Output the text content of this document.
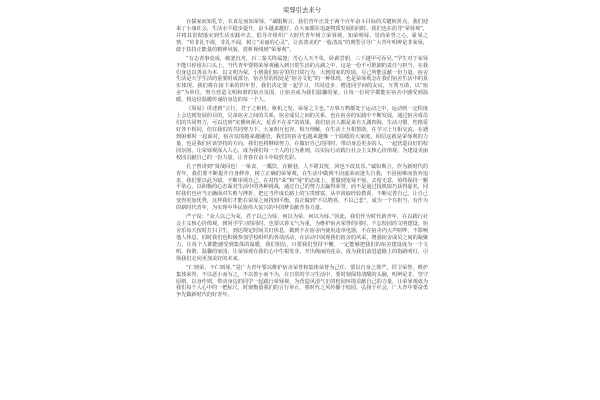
荣辱引去来兮

在儒家而知礼节，衣食足而知荣辱。“诚服斯言，我们青年正处于两个百年奋斗目标的关键转折点，我们迎来了小康社会，生活水平稳步提升，奋斗越来越好。在大家都在追逐物质发展的同时，我们也在倡导“荣辱观”，并将其贯彻落实到生活实践中去，倡导并组织广大时代青年树立荣辱观，知荣明辱，崇尚荣誉之心，耻辱之情，“苟非礼不视，非礼不闻，树立“美丽的心灵”，让真善美的“一股清流”的典型引导广大青年明辨是非荣辱，敢于扶持正能量的精神风貌，震析视线到“荣辱观”。

“有志者事竟成，破釜沉舟，百二秦关终属楚；苦心人天不负，卧薪尝胆，三千越甲可吞吴。”学生对于荣辱不能只停留在口头上，当代青年要将荣辱观融入到日常生活的点滴之中，这是一份不可推卸的责任与担当，在我们身边以善良为本，以文明为荣，小到我们宿舍里的日常行为，大到国家的发展，尽己所能贡献一份力量。宿舍生活是大学生活的重要组成部分，宿舍里的相处是“宿舍文化”的一种体现，也是荣辱观念在我们宿舍生活中的真实体现。我们将在接下来的四年里，我们决定要一起学习，共同进步，增进同学间的友谊，互帮互助，以“宿舍”为单位，努力营造文明和谐的宿舍氛围，让宿舍成为我们温馨的家，让每一位同学都能在宿舍中感受到温暖，将这份温暖传递给身边的每一个人。

《周易》讲述到“言行，君子之枢机；枢机之发，荣辱之主也。”万事万物都处于运动之中，运动则一定程度上会达到发展的目的，兄弟宿舍之间的关系，宿舍成员之间的关系，也在宿舍的实践中不断发展，通过宿舍成员们的共同努力，可以达到“室雅何须大，花香不在多”的效果，我们宿舍人都是来自五湖四海，生活习惯、性格爱好各不相同，但在我们的共同努力下，大家相互包容，相互理解，在生活上互相帮助，在学习上互相交流，在遇到困难时一起面对，宿舍氛围越来越融洽，我们的宿舍也越来越像一个温暖的大家庭，相信这就是荣辱观的力量，也是我们应该坚持的方向，我们也将继续努力，在做好自己的同时，带动身边更多的人，一起营造良好的校园氛围，让荣辱观深入人心，成为我们每一个人的行为准则，以实际行动践行社会主义核心价值观，为建设美丽校园贡献自己的一份力量，让青春在奋斗中绽放光彩。

孔子曾讲到“贤哉回也！一箪食，一瓢饮，在陋巷，人不堪其忧，回也不改其乐。”诚如斯言，作为新时代的青年，我们要不断提升自身修养，树立正确的荣辱观，在生活中做到不因虚荣而迷失自我，不因困难而放弃追求，我们要以此为镜，不断审视自己，在对待“荣”和“辱”的态度上，要做到宠辱不惊，去留无意，始终保持一颗平常心，以积极的心态面对生活中的各种挑战，通过自己的努力去赢得荣誉，而不是通过投机取巧获得虚名，同时我们也应当正确面对失败与挫折，把它当作成长路上的宝贵财富，从中汲取经验教训，不断完善自己，让自己变得更加优秀，这样我们才能在荣辱之间找到平衡，真正做到“不以物喜，不以己悲”，成为一个有担当、有作为的新时代青年，为实现中华民族伟大复兴的中国梦贡献青春力量。

严子说：“众人以己为荣，君子以己为辱，何以为荣，何以为辱。”因此，我们作为时代新青年，在以践行社会主义核心价值观，到同学学习的同时，也要以讲义气为重，为维护宿舍荣誉的同时，不忘校园的文明建设，宿舍乐每天按时打扫卫生，到达规定时间关灯休息，做到不在宿舍内使用违章电器，不在宿舍内大声喧哗，不影响他人休息，同时我们也积极参加学校组织的各项活动，在活动中展现我们宿舍的风采，增强宿舍成员之间的凝聚力，让每个人都能感受到集体的温暖，我们相信，只要我们坚持不懈，一定能够把我们的宿舍建设成为一个文明、和谐、温馨的家园，让荣辱观在我们心中生根发芽，开出绚丽的花朵，成为我们前进道路上的指路明灯，引领我们走向更加美好的未来。

“仁则荣，不仁则辱。”是广大青年要以维护宿舍荣誉和集体荣誉为己任，要以自身之尊严，捍卫荣誉，维护集体荣誉，不以恶小而为之，不以善小而不为，在日常的学习生活中，要时刻保持清醒的头脑，明辨是非，坚守原则，以身作则，带动身边的同学一起践行荣辱观，为营造风清气正的校园环境贡献自己的力量，让荣辱观成为我们每个人心中的一把标尺，时刻衡量我们的言行举止，将时代之风传播于校园，弘扬于社会，广大青年要奋勇争先做新时代的好青年。
